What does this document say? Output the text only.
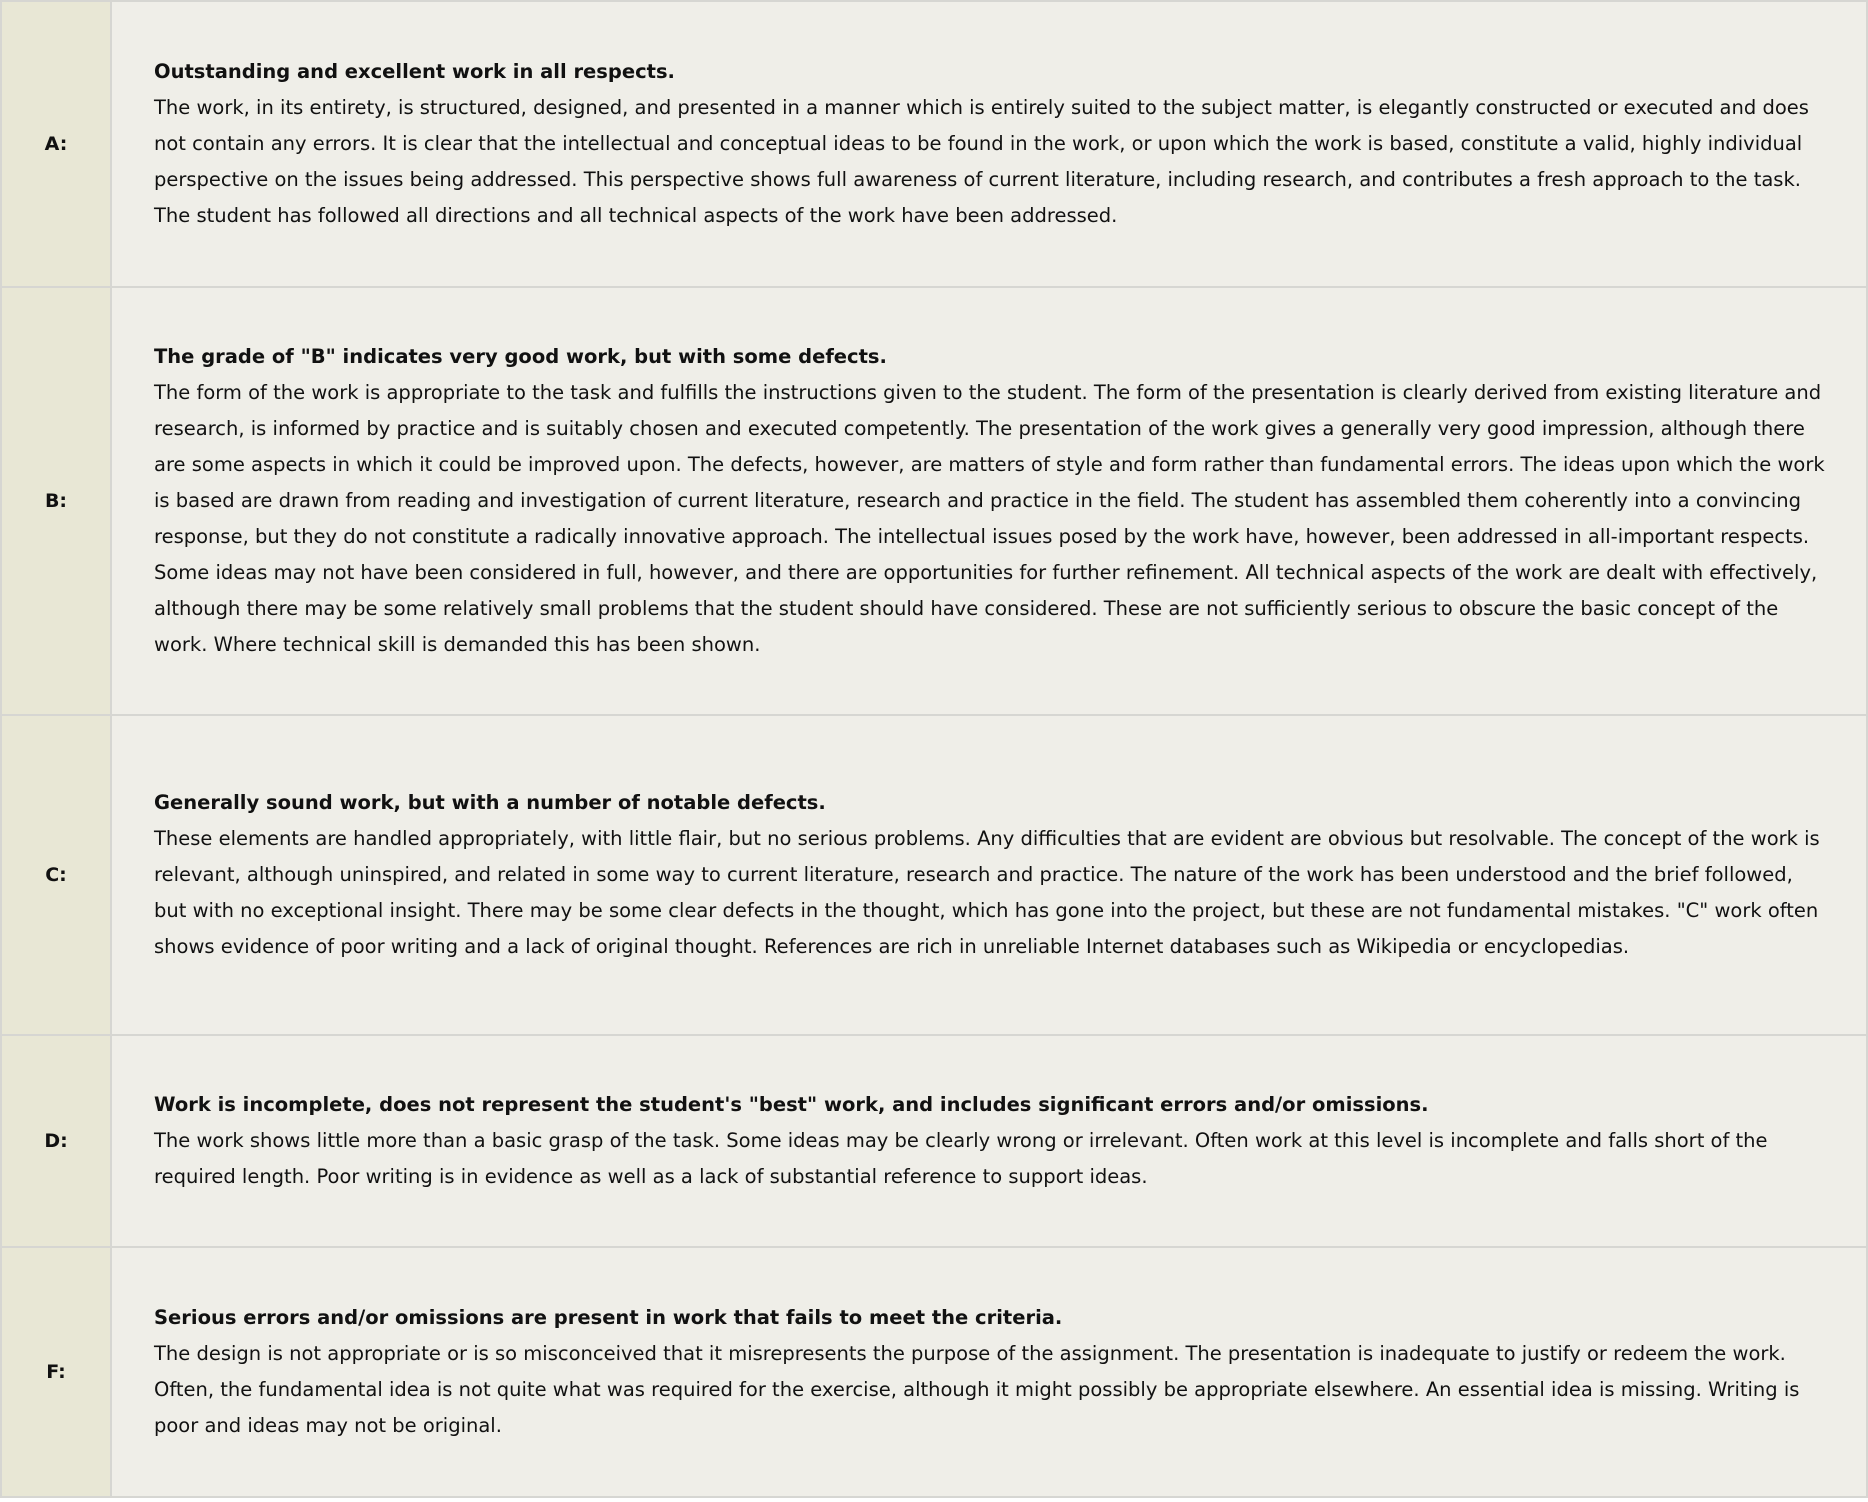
A:	Outstanding and excellent work in all respects.
The work, in its entirety, is structured, designed, and presented in a manner which is entirely suited to the subject matter, is elegantly constructed or executed and does not contain any errors. It is clear that the intellectual and conceptual ideas to be found in the work, or upon which the work is based, constitute a valid, highly individual perspective on the issues being addressed. This perspective shows full awareness of current literature, including research, and contributes a fresh approach to the task. The student has followed all directions and all technical aspects of the work have been addressed.

B:	The grade of "B" indicates very good work, but with some defects.
The form of the work is appropriate to the task and fulfills the instructions given to the student. The form of the presentation is clearly derived from existing literature and research, is informed by practice and is suitably chosen and executed competently. The presentation of the work gives a generally very good impression, although there are some aspects in which it could be improved upon. The defects, however, are matters of style and form rather than fundamental errors. The ideas upon which the work is based are drawn from reading and investigation of current literature, research and practice in the field. The student has assembled them coherently into a convincing response, but they do not constitute a radically innovative approach. The intellectual issues posed by the work have, however, been addressed in all-important respects. Some ideas may not have been considered in full, however, and there are opportunities for further refinement. All technical aspects of the work are dealt with effectively, although there may be some relatively small problems that the student should have considered. These are not sufficiently serious to obscure the basic concept of the work. Where technical skill is demanded this has been shown.

C:	Generally sound work, but with a number of notable defects.
These elements are handled appropriately, with little flair, but no serious problems. Any difficulties that are evident are obvious but resolvable. The concept of the work is relevant, although uninspired, and related in some way to current literature, research and practice. The nature of the work has been understood and the brief followed, but with no exceptional insight. There may be some clear defects in the thought, which has gone into the project, but these are not fundamental mistakes. "C" work often shows evidence of poor writing and a lack of original thought. References are rich in unreliable Internet databases such as Wikipedia or encyclopedias.

D:	Work is incomplete, does not represent the student's "best" work, and includes significant errors and/or omissions.
The work shows little more than a basic grasp of the task. Some ideas may be clearly wrong or irrelevant. Often work at this level is incomplete and falls short of the required length. Poor writing is in evidence as well as a lack of substantial reference to support ideas.

F:	Serious errors and/or omissions are present in work that fails to meet the criteria.
The design is not appropriate or is so misconceived that it misrepresents the purpose of the assignment. The presentation is inadequate to justify or redeem the work. Often, the fundamental idea is not quite what was required for the exercise, although it might possibly be appropriate elsewhere. An essential idea is missing. Writing is poor and ideas may not be original.
